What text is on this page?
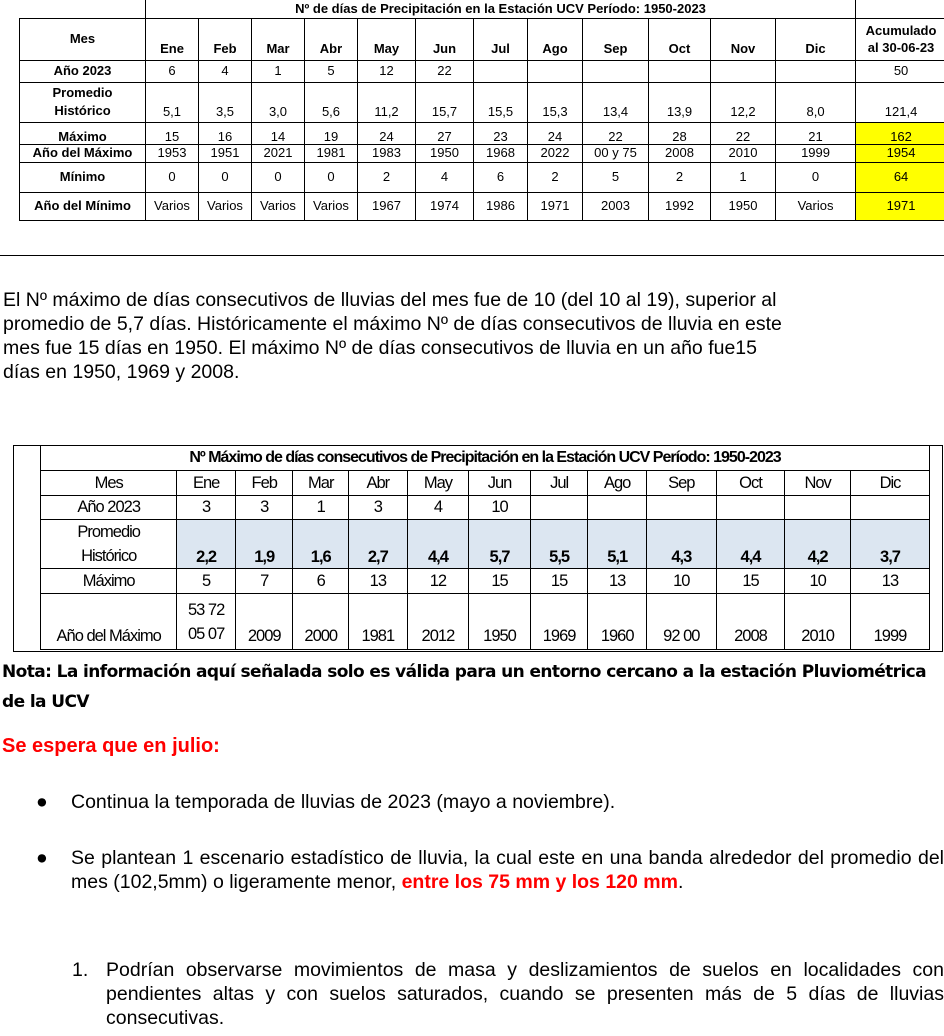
	Nº de días de Precipitación en la Estación UCV Período: 1950-2023												
Mes	Ene	Feb	Mar	Abr	May	Jun	Jul	Ago	Sep	Oct	Nov	Dic	Acumulado
al 30-06-23

Año 2023	6	4	1	5	12	22							50

Promedio
Histórico	5,1	3,5	3,0	5,6	11,2	15,7	15,5	15,3	13,4	13,9	12,2	8,0	121,4
Máximo	15	16	14	19	24	27	23	24	22	28	22	21	162
Año del Máximo	1953	1951	2021	1981	1983	1950	1968	2022	00 y 75	2008	2010	1999	1954
Mínimo	0	0	0	0	2	4	6	2	5	2	1	0	64
Año del Mínimo	Varios	Varios	Varios	Varios	1967	1974	1986	1971	2003	1992	1950	Varios	1971
El Nº máximo de días consecutivos de lluvias del mes fue de 10 (del 10 al 19), superior al
promedio de 5,7 días. Históricamente el máximo Nº de días consecutivos de lluvia en este
mes fue 15 días en 1950. El máximo Nº de días consecutivos de lluvia en un año fue15
días en 1950, 1969 y 2008.
Nº Máximo de días consecutivos de Precipitación en la Estación UCV Período: 1950-2023												
Mes	Ene	Feb	Mar	Abr	May	Jun	Jul	Ago	Sep	Oct	Nov	Dic
Año 2023	3	3	1	3	4	10						

Promedio
Histórico	2,2	1,9	1,6	2,7	4,4	5,7	5,5	5,1	4,3	4,4	4,2	3,7
Máximo	5	7	6	13	12	15	15	13	10	15	10	13
Año del Máximo	53 72
05 07	2009	2000	1981	2012	1950	1969	1960	92 00	2008	2010	1999
Nota: La información aquí señalada solo es válida para un entorno cercano a la estación Pluviométrica de la UCV
Se espera que en julio:
● Continua la temporada de lluvias de 2023 (mayo a noviembre).
● Se plantean 1 escenario estadístico de lluvia, la cual este en una banda alrededor del promedio del mes (102,5mm) o ligeramente menor, entre los 75 mm y los 120 mm.
1. Podrían observarse movimientos de masa y deslizamientos de suelos en localidades con pendientes altas y con suelos saturados, cuando se presenten más de 5 días de lluvias consecutivas.
